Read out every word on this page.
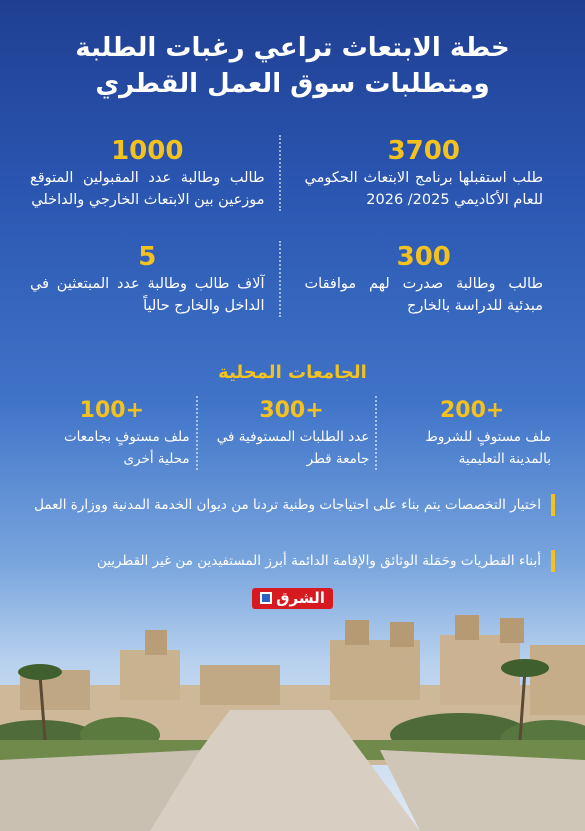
خطة الابتعاث تراعي رغبات الطلبة
ومتطلبات سوق العمل القطري
3700
طلب استقبلها برنامج الابتعاث الحكومي للعام الأكاديمي 2025/ 2026
1000
طالب وطالبة عدد المقبولين المتوقع موزعين بين الابتعاث الخارجي والداخلي
300
طالب وطالبة صدرت لهم موافقات مبدئية للدراسة بالخارج
5
آلاف طالب وطالبة عدد المبتعثين في الداخل والخارج حالياً
الجامعات المحلية
+200
ملف مستوفٍ للشروط بالمدينة التعليمية
+300
عدد الطلبات المستوفية في جامعة قطر
+100
ملف مستوفٍ بجامعات محلية أخرى
اختيار التخصصات يتم بناء على احتياجات وطنية تردنا من ديوان الخدمة المدنية ووزارة العمل
أبناء القطريات وحَمَلة الوثائق والإقامة الدائمة أبرز المستفيدين من غير القطريين
الشرق
